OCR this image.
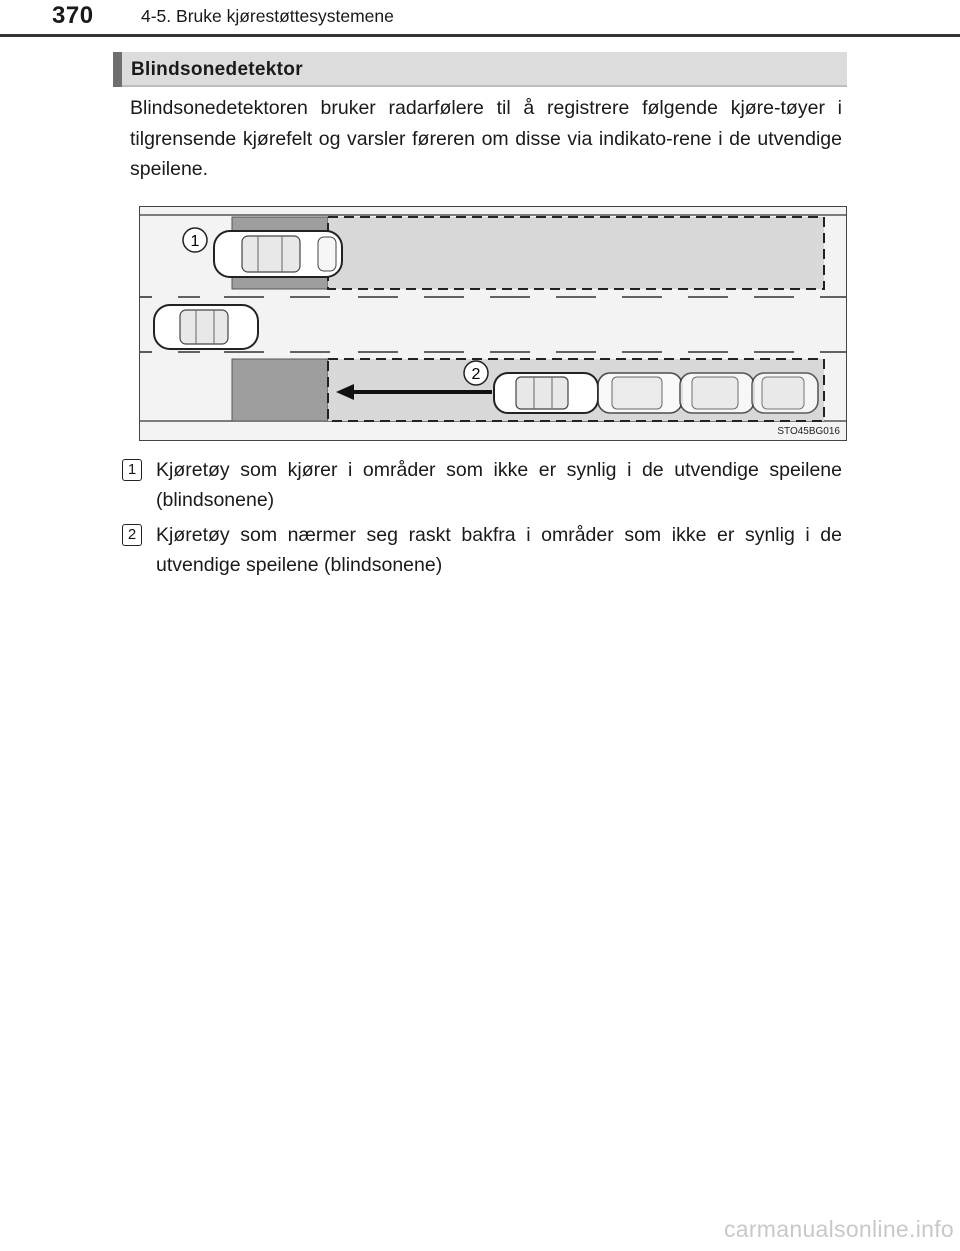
370	4-5. Bruke kjørestøttesystemene
Blindsonedetektor
Blindsonedetektoren bruker radarfølere til å registrere følgende kjøre-tøyer i tilgrensende kjørefelt og varsler føreren om disse via indikato-rene i de utvendige speilene.
1
2
STO45BG016
1 Kjøretøy som kjører i områder som ikke er synlig i de utvendige speilene (blindsonene)
2 Kjøretøy som nærmer seg raskt bakfra i områder som ikke er synlig i de utvendige speilene (blindsonene)
carmanualsonline.info
